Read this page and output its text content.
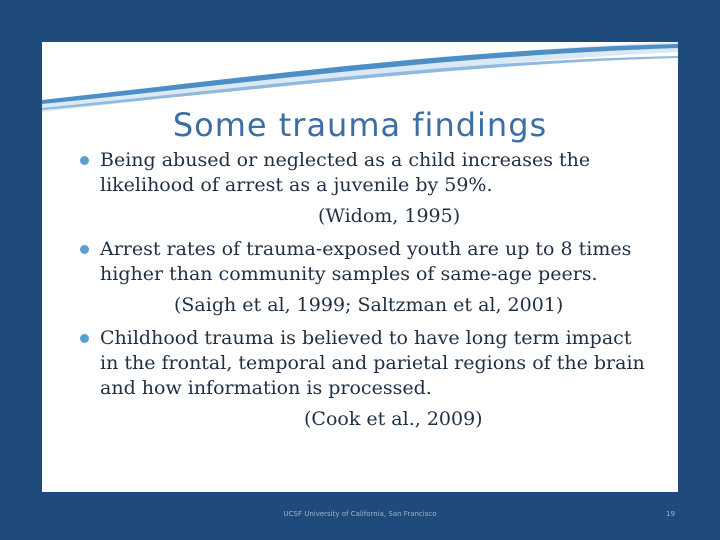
Some trauma findings
Being abused or neglected as a child increases the likelihood of arrest as a juvenile by 59%.
(Widom, 1995)
Arrest rates of trauma-exposed youth are up to 8 times higher than community samples of same-age peers.
(Saigh et al, 1999; Saltzman et al, 2001)
Childhood trauma is believed to have long term impact in the frontal, temporal and parietal regions of the brain and how information is processed.
(Cook et al., 2009)
UCSF University of California, San Francisco	19
